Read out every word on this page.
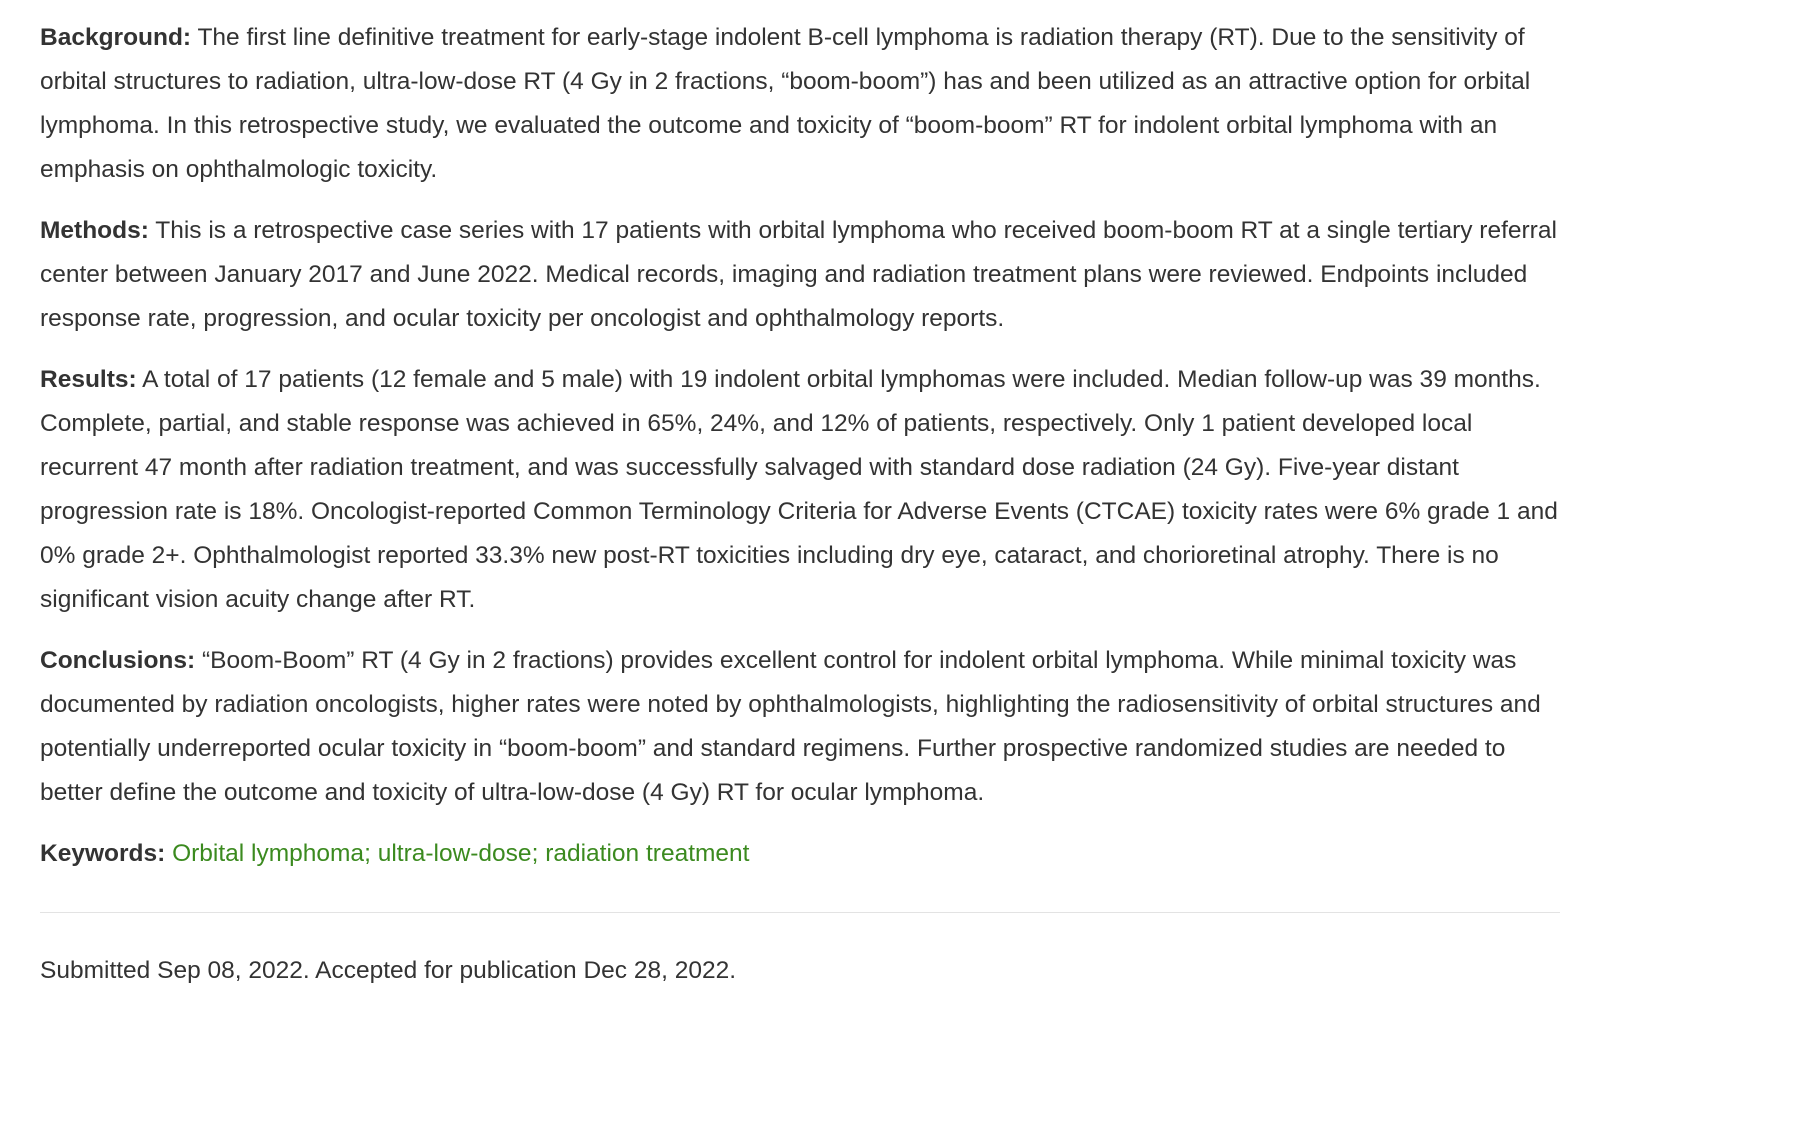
Background: The first line definitive treatment for early-stage indolent B-cell lymphoma is radiation therapy (RT). Due to the sensitivity of orbital structures to radiation, ultra-low-dose RT (4 Gy in 2 fractions, “boom-boom”) has and been utilized as an attractive option for orbital lymphoma. In this retrospective study, we evaluated the outcome and toxicity of “boom-boom” RT for indolent orbital lymphoma with an emphasis on ophthalmologic toxicity.

Methods: This is a retrospective case series with 17 patients with orbital lymphoma who received boom-boom RT at a single tertiary referral center between January 2017 and June 2022. Medical records, imaging and radiation treatment plans were reviewed. Endpoints included response rate, progression, and ocular toxicity per oncologist and ophthalmology reports.

Results: A total of 17 patients (12 female and 5 male) with 19 indolent orbital lymphomas were included. Median follow-up was 39 months. Complete, partial, and stable response was achieved in 65%, 24%, and 12% of patients, respectively. Only 1 patient developed local recurrent 47 month after radiation treatment, and was successfully salvaged with standard dose radiation (24 Gy). Five-year distant progression rate is 18%. Oncologist-reported Common Terminology Criteria for Adverse Events (CTCAE) toxicity rates were 6% grade 1 and 0% grade 2+. Ophthalmologist reported 33.3% new post-RT toxicities including dry eye, cataract, and chorioretinal atrophy. There is no significant vision acuity change after RT.

Conclusions: “Boom-Boom” RT (4 Gy in 2 fractions) provides excellent control for indolent orbital lymphoma. While minimal toxicity was documented by radiation oncologists, higher rates were noted by ophthalmologists, highlighting the radiosensitivity of orbital structures and potentially underreported ocular toxicity in “boom-boom” and standard regimens. Further prospective randomized studies are needed to better define the outcome and toxicity of ultra-low-dose (4 Gy) RT for ocular lymphoma.

Keywords: Orbital lymphoma; ultra-low-dose; radiation treatment
Submitted Sep 08, 2022. Accepted for publication Dec 28, 2022.
